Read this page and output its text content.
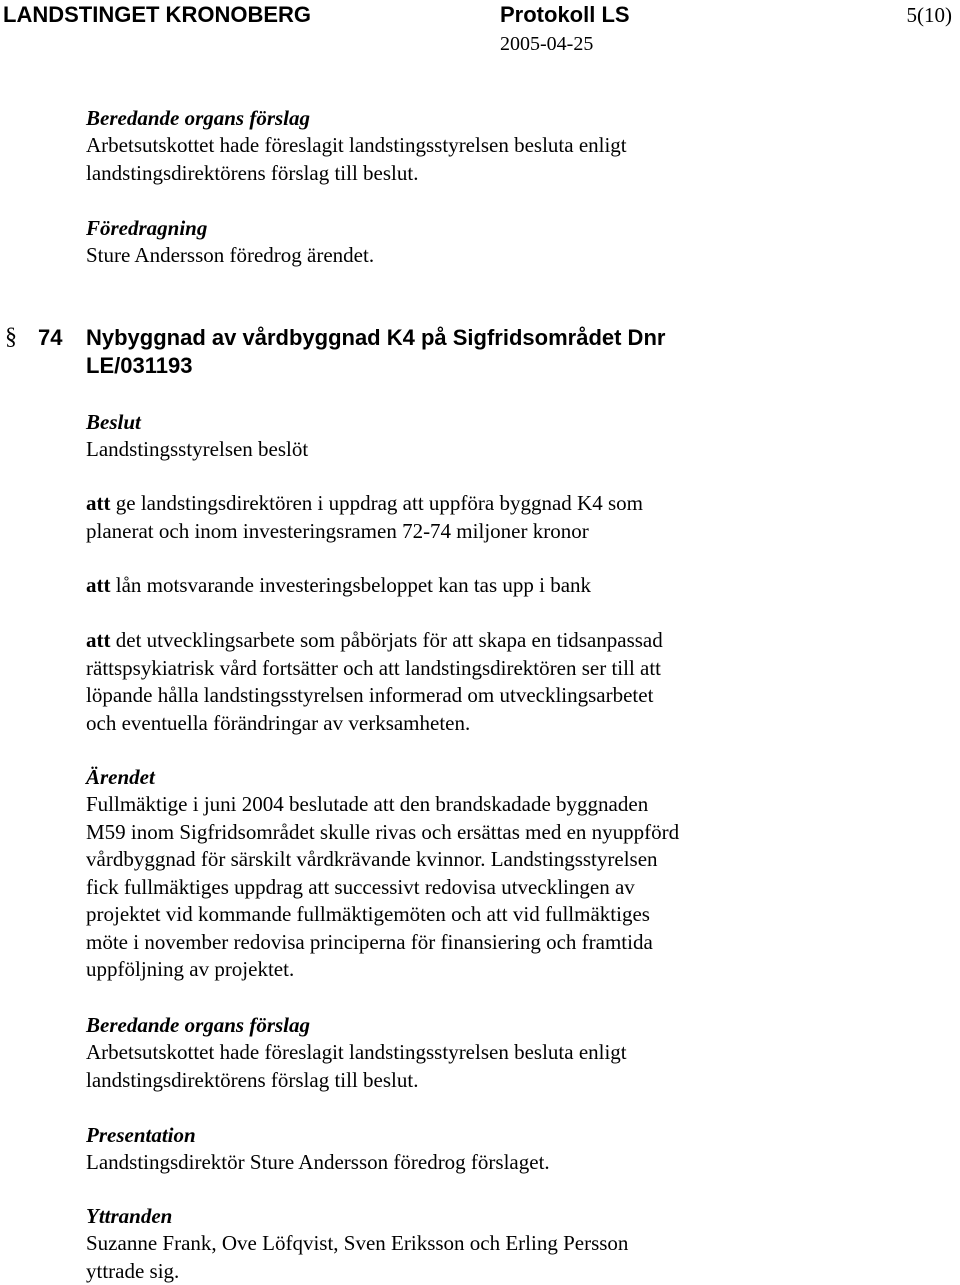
LANDSTINGET KRONOBERG	Protokoll LS
2005-04-25
5(10)
Beredande organs förslag
Arbetsutskottet hade föreslagit landstingsstyrelsen besluta enligt
landstingsdirektörens förslag till beslut.
Föredragning
Sture Andersson föredrog ärendet.
§ 74 Nybyggnad av vårdbyggnad K4 på Sigfridsområdet Dnr
LE/031193
Beslut
Landstingsstyrelsen beslöt
att ge landstingsdirektören i uppdrag att uppföra byggnad K4 som
planerat och inom investeringsramen 72-74 miljoner kronor
att lån motsvarande investeringsbeloppet kan tas upp i bank
att det utvecklingsarbete som påbörjats för att skapa en tidsanpassad
rättspsykiatrisk vård fortsätter och att landstingsdirektören ser till att
löpande hålla landstingsstyrelsen informerad om utvecklingsarbetet
och eventuella förändringar av verksamheten.
Ärendet
Fullmäktige i juni 2004 beslutade att den brandskadade byggnaden
M59 inom Sigfridsområdet skulle rivas och ersättas med en nyuppförd
vårdbyggnad för särskilt vårdkrävande kvinnor. Landstingsstyrelsen
fick fullmäktiges uppdrag att successivt redovisa utvecklingen av
projektet vid kommande fullmäktigemöten och att vid fullmäktiges
möte i november redovisa principerna för finansiering och framtida
uppföljning av projektet.
Beredande organs förslag
Arbetsutskottet hade föreslagit landstingsstyrelsen besluta enligt
landstingsdirektörens förslag till beslut.
Presentation
Landstingsdirektör Sture Andersson föredrog förslaget.
Yttranden
Suzanne Frank, Ove Löfqvist, Sven Eriksson och Erling Persson
yttrade sig.
